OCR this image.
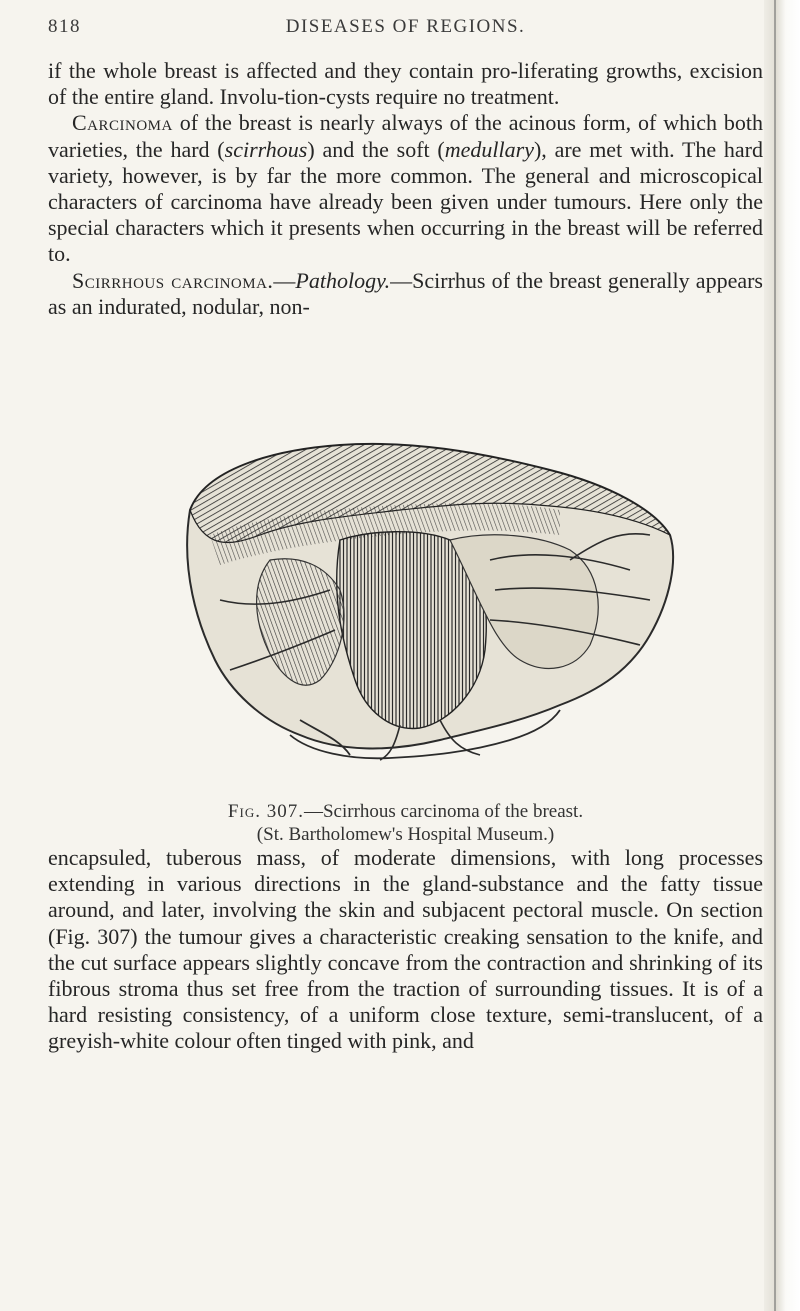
818	DISEASES OF REGIONS.

if the whole breast is affected and they contain pro-liferating growths, excision of the entire gland. Involu-tion-cysts require no treatment.

Carcinoma of the breast is nearly always of the acinous form, of which both varieties, the hard (scirrhous) and the soft (medullary), are met with. The hard variety, however, is by far the more common. The general and microscopical characters of carcinoma have already been given under tumours. Here only the special characters which it presents when occurring in the breast will be referred to.

Scirrhous carcinoma.—Pathology.—Scirrhus of the breast generally appears as an indurated, nodular, non-

Fig. 307.—Scirrhous carcinoma of the breast.
(St. Bartholomew's Hospital Museum.)

encapsuled, tuberous mass, of moderate dimensions, with long processes extending in various directions in the gland-substance and the fatty tissue around, and later, involving the skin and subjacent pectoral muscle. On section (Fig. 307) the tumour gives a characteristic creaking sensation to the knife, and the cut surface appears slightly concave from the contraction and shrinking of its fibrous stroma thus set free from the traction of surrounding tissues. It is of a hard resisting consistency, of a uniform close texture, semi-translucent, of a greyish-white colour often tinged with pink, and
